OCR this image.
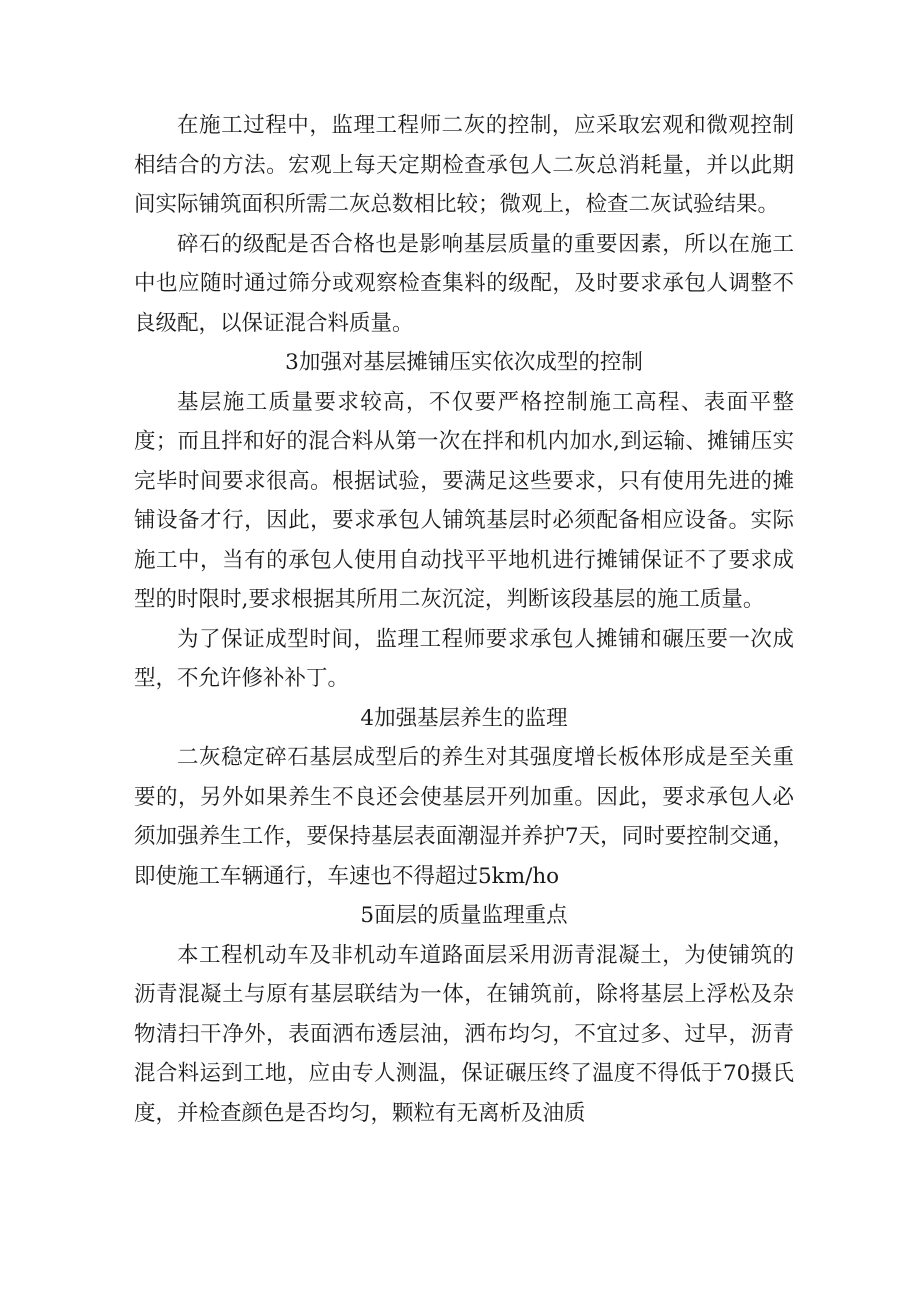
在施工过程中，监理工程师二灰的控制，应采取宏观和微观控制相结合的方法。宏观上每天定期检查承包人二灰总消耗量，并以此期间实际铺筑面积所需二灰总数相比较；微观上，检查二灰试验结果。

碎石的级配是否合格也是影响基层质量的重要因素，所以在施工中也应随时通过筛分或观察检查集料的级配，及时要求承包人调整不良级配，以保证混合料质量。

3加强对基层摊铺压实依次成型的控制

基层施工质量要求较高，不仅要严格控制施工高程、表面平整度；而且拌和好的混合料从第一次在拌和机内加水,到运输、摊铺压实完毕时间要求很高。根据试验，要满足这些要求，只有使用先进的摊铺设备才行，因此，要求承包人铺筑基层时必须配备相应设备。实际施工中，当有的承包人使用自动找平平地机进行摊铺保证不了要求成型的时限时,要求根据其所用二灰沉淀，判断该段基层的施工质量。

为了保证成型时间，监理工程师要求承包人摊铺和碾压要一次成型，不允许修补补丁。

4加强基层养生的监理

二灰稳定碎石基层成型后的养生对其强度增长板体形成是至关重要的，另外如果养生不良还会使基层开列加重。因此，要求承包人必须加强养生工作，要保持基层表面潮湿并养护7天，同时要控制交通，即使施工车辆通行，车速也不得超过5km/ho

5面层的质量监理重点

本工程机动车及非机动车道路面层采用沥青混凝土，为使铺筑的沥青混凝土与原有基层联结为一体，在铺筑前，除将基层上浮松及杂物清扫干净外，表面洒布透层油，洒布均匀，不宜过多、过早，沥青混合料运到工地，应由专人测温，保证碾压终了温度不得低于70摄氏度，并检查颜色是否均匀，颗粒有无离析及油质
